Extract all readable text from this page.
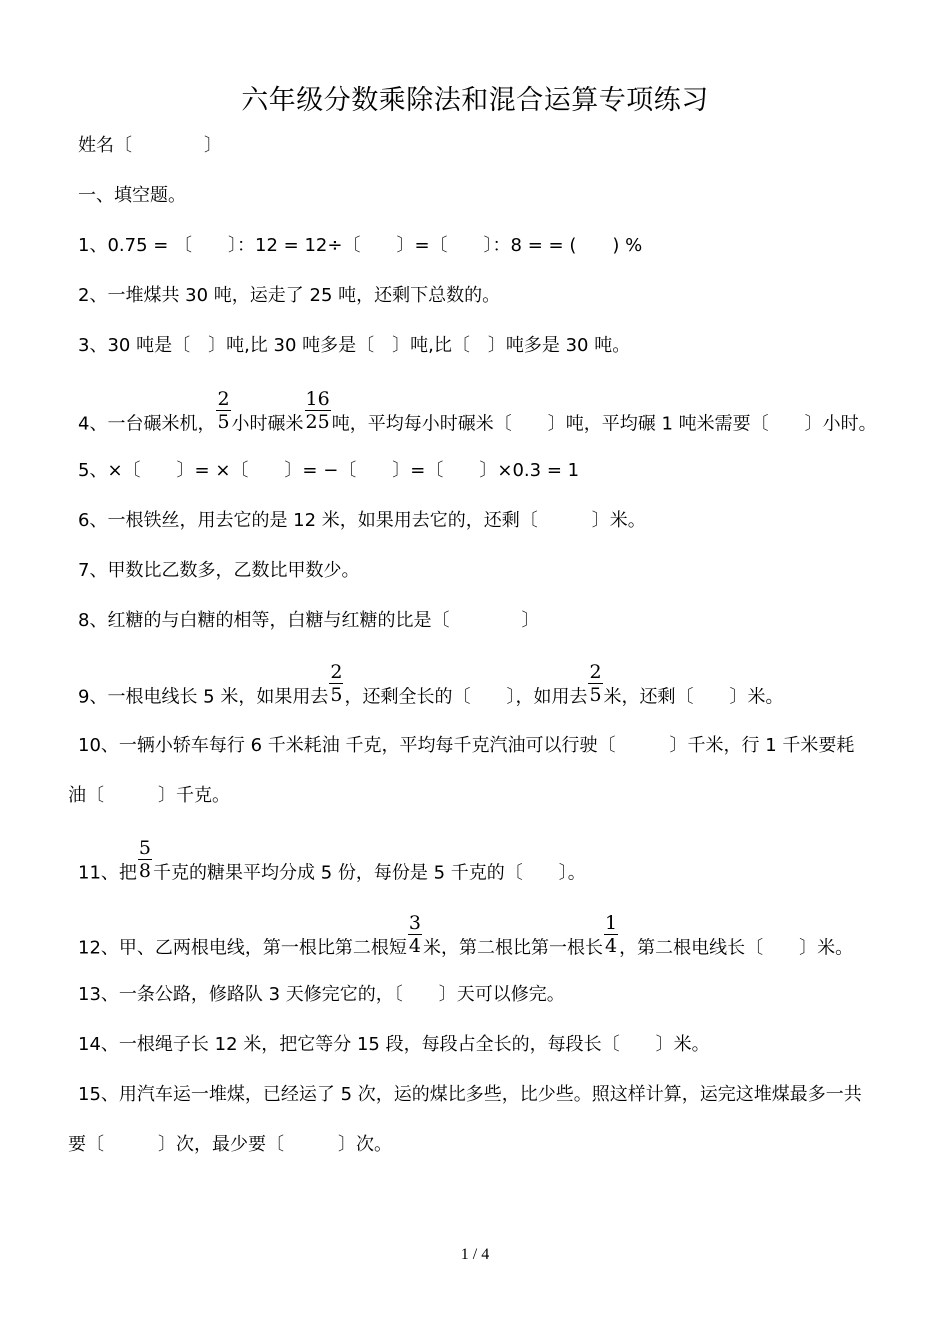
六年级分数乘除法和混合运算专项练习
姓名〔　　　　〕
一、填空题。
1、0.75 = 〔　　〕：12 = 12÷〔　　〕=〔　　〕：8 = = (　　) %
2、一堆煤共 30 吨，运走了 25 吨，还剩下总数的。
3、30 吨是〔　〕吨,比 30 吨多是〔　〕吨,比〔　〕吨多是 30 吨。
4、一台碾米机， $\frac{2}{5}$ 小时碾米 $\frac{16}{25}$ 吨，平均每小时碾米〔　　〕吨，平均碾 1 吨米需要〔　　〕小时。
5、×〔　　〕= ×〔　　〕= −〔　　〕=〔　　〕×0.3 = 1
6、一根铁丝，用去它的是 12 米，如果用去它的，还剩〔　　　〕米。
7、甲数比乙数多，乙数比甲数少。
8、红糖的与白糖的相等，白糖与红糖的比是〔　　　　〕
9、一根电线长 5 米，如果用去 $\frac{2}{5}$ ，还剩全长的〔　　〕，如用去 $\frac{2}{5}$ 米，还剩〔　　〕米。
10、一辆小轿车每行 6 千米耗油 千克，平均每千克汽油可以行驶〔　　　〕千米，行 1 千米要耗
油〔　　　〕千克。
11、把 $\frac{5}{8}$ 千克的糖果平均分成 5 份，每份是 5 千克的〔　　〕。
12、甲、乙两根电线，第一根比第二根短 $\frac{3}{4}$ 米，第二根比第一根长 $\frac{1}{4}$ ，第二根电线长〔　　〕米。
13、一条公路，修路队 3 天修完它的，〔　　〕天可以修完。
14、一根绳子长 12 米，把它等分 15 段，每段占全长的，每段长〔　　〕米。
15、用汽车运一堆煤，已经运了 5 次，运的煤比多些，比少些。照这样计算，运完这堆煤最多一共
要〔　　　〕次，最少要〔　　　〕次。
1 / 4
